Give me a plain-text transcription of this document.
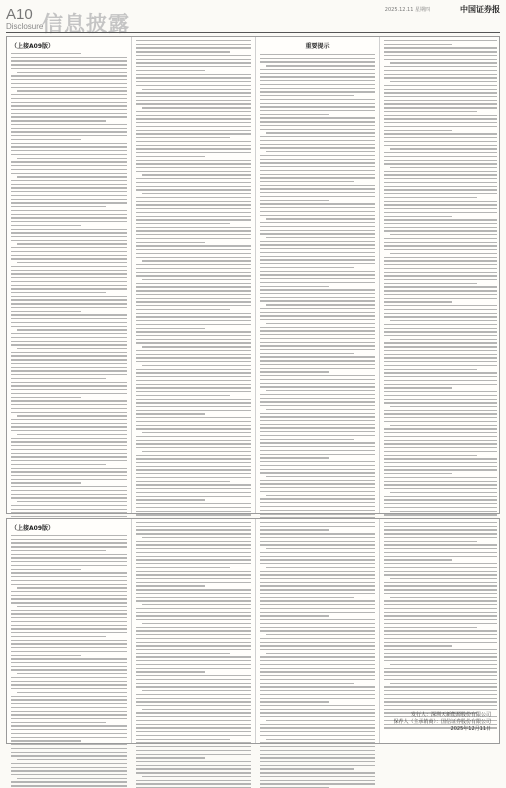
2025.12.11 星期四	中国证券报
A10
Disclosure
信息披露
（上接A09版）	重要提示
（上接A09版）
发行人：深圳天新能源股份有限公司
保荐人（主承销商）：国信证券股份有限公司
2025年12月11日
